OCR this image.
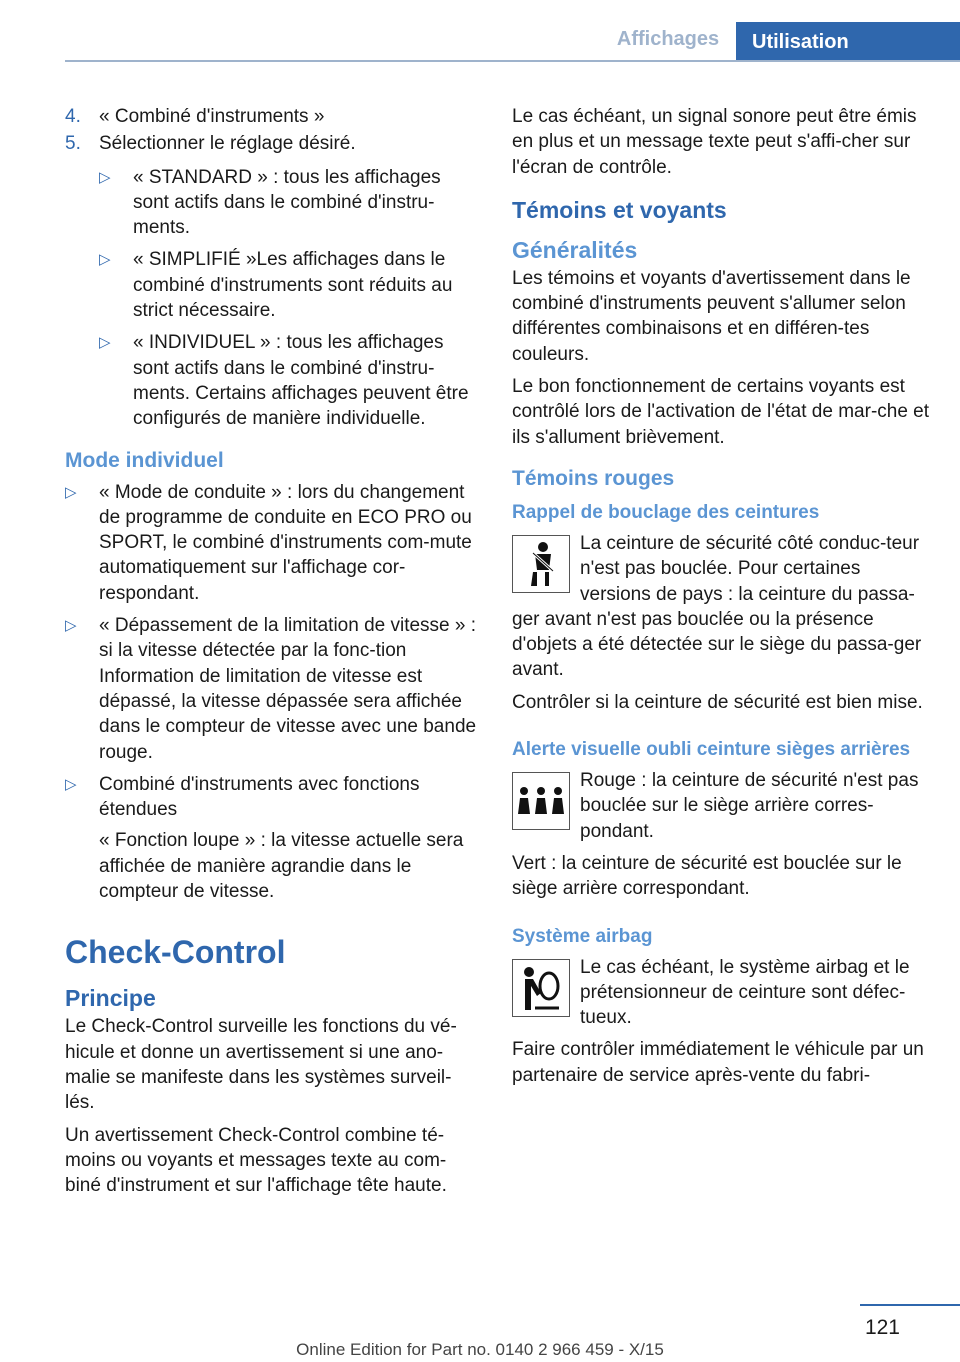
Affichages	Utilisation
4. « Combiné d'instruments »
5. Sélectionner le réglage désiré.
▷	« STANDARD » : tous les affichages sont actifs dans le combiné d'instru-ments.
▷	« SIMPLIFIÉ »Les affichages dans le combiné d'instruments sont réduits au strict nécessaire.
▷	« INDIVIDUEL » : tous les affichages sont actifs dans le combiné d'instru-ments. Certains affichages peuvent être configurés de manière individuelle.
Mode individuel
▷	« Mode de conduite » : lors du changement de programme de conduite en ECO PRO ou SPORT, le combiné d'instruments com-mute automatiquement sur l'affichage cor-respondant.
▷	« Dépassement de la limitation de vitesse » : si la vitesse détectée par la fonc-tion Information de limitation de vitesse est dépassé, la vitesse dépassée sera affichée dans le compteur de vitesse avec une bande rouge.
▷	Combiné d'instruments avec fonctions étendues

« Fonction loupe » : la vitesse actuelle sera affichée de manière agrandie dans le compteur de vitesse.

Check-Control
Principe

Le Check-Control surveille les fonctions du vé-hicule et donne un avertissement si une ano-malie se manifeste dans les systèmes surveil-lés.

Un avertissement Check-Control combine té-moins ou voyants et messages texte au com-biné d'instrument et sur l'affichage tête haute.

Le cas échéant, un signal sonore peut être émis en plus et un message texte peut s'affi-cher sur l'écran de contrôle.

Témoins et voyants
Généralités

Les témoins et voyants d'avertissement dans le combiné d'instruments peuvent s'allumer selon différentes combinaisons et en différen-tes couleurs.

Le bon fonctionnement de certains voyants est contrôlé lors de l'activation de l'état de mar-che et ils s'allument brièvement.

Témoins rouges
Rappel de bouclage des ceintures

La ceinture de sécurité côté conduc-teur n'est pas bouclée. Pour certaines versions de pays : la ceinture du passa-ger avant n'est pas bouclée ou la présence d'objets a été détectée sur le siège du passa-ger avant.

Contrôler si la ceinture de sécurité est bien mise.

Alerte visuelle oubli ceinture sièges arrières

Rouge : la ceinture de sécurité n'est pas bouclée sur le siège arrière corres-pondant.

Vert : la ceinture de sécurité est bouclée sur le siège arrière correspondant.

Système airbag

Le cas échéant, le système airbag et le prétensionneur de ceinture sont défec-tueux.

Faire contrôler immédiatement le véhicule par un partenaire de service après-vente du fabri-

121
Online Edition for Part no. 0140 2 966 459 - X/15
